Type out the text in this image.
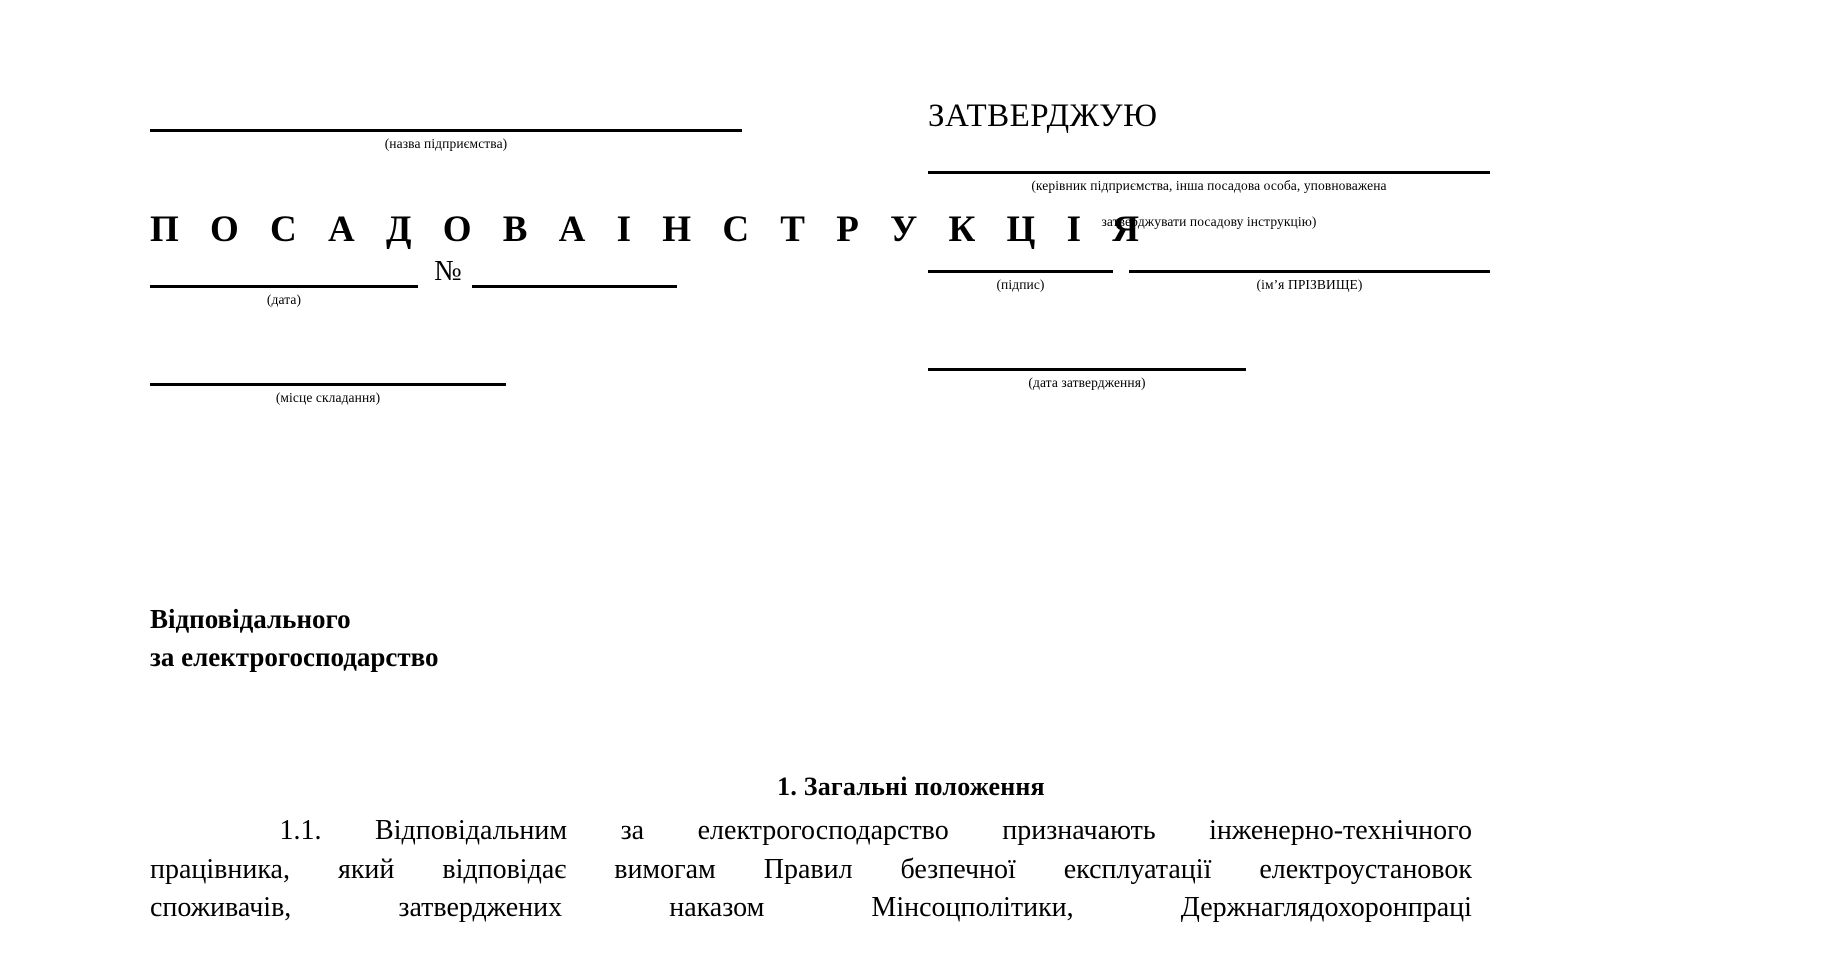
(назва підприємства)
П О С А Д О В А І Н С Т Р У К Ц І Я
№
(дата)
(місце складання)
ЗАТВЕРДЖУЮ
(керівник підприємства, інша посадова особа, уповноважена
затверджувати посадову інструкцію)
(підпис)	(ім’я ПРІЗВИЩЕ)
(дата затвердження)
Відповідального
за електрогосподарство
1. Загальні положення
1.1. Відповідальним за електрогосподарство призначають інженерно-технічного
працівника, який відповідає вимогам Правил безпечної експлуатації електроустановок
споживачів,	затверджених	наказом	Мінсоцполітики,	Держнаглядохоронпраці
